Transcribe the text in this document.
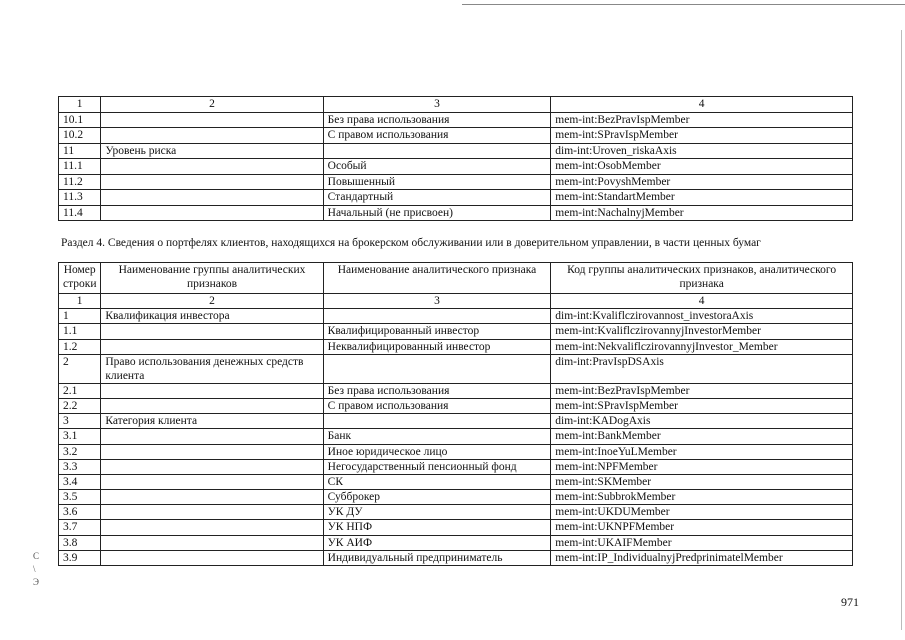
1	2	3	4
10.1		Без права использования	mem-int:BezPravIspMember
10.2		С правом использования	mem-int:SPravIspMember
11	Уровень риска		dim-int:Uroven_riskaAxis
11.1		Особый	mem-int:OsobMember
11.2		Повышенный	mem-int:PovyshMember
11.3		Стандартный	mem-int:StandartMember
11.4		Начальный (не присвоен)	mem-int:NachalnyjMember
Раздел 4. Сведения о портфелях клиентов, находящихся на брокерском обслуживании или в доверительном управлении, в части ценных бумаг
Номер строки	Наименование группы аналитических признаков	Наименование аналитического признака	Код группы аналитических признаков, аналитического признака
1	2	3	4
1	Квалификация инвестора		dim-int:Kvaliflczirovannost_investoraAxis
1.1		Квалифицированный инвестор	mem-int:KvaliflczirovannyjInvestorMember
1.2		Неквалифицированный инвестор	mem-int:NekvaliflczirovannyjInvestor_Member
2	Право использования денежных средств клиента		dim-int:PravIspDSAxis
2.1		Без права использования	mem-int:BezPravIspMember
2.2		С правом использования	mem-int:SPravIspMember
3	Категория клиента		dim-int:KADogAxis
3.1		Банк	mem-int:BankMember
3.2		Иное юридическое лицо	mem-int:InoeYuLMember
3.3		Негосударственный пенсионный фонд	mem-int:NPFMember
3.4		СК	mem-int:SKMember
3.5		Субброкер	mem-int:SubbrokMember
3.6		УК ДУ	mem-int:UKDUMember
3.7		УК НПФ	mem-int:UKNPFMember
3.8		УК АИФ	mem-int:UKAIFMember
3.9		Индивидуальный предприниматель	mem-int:IP_IndividualnyjPredprinimatelMember
971
С
\
Э
